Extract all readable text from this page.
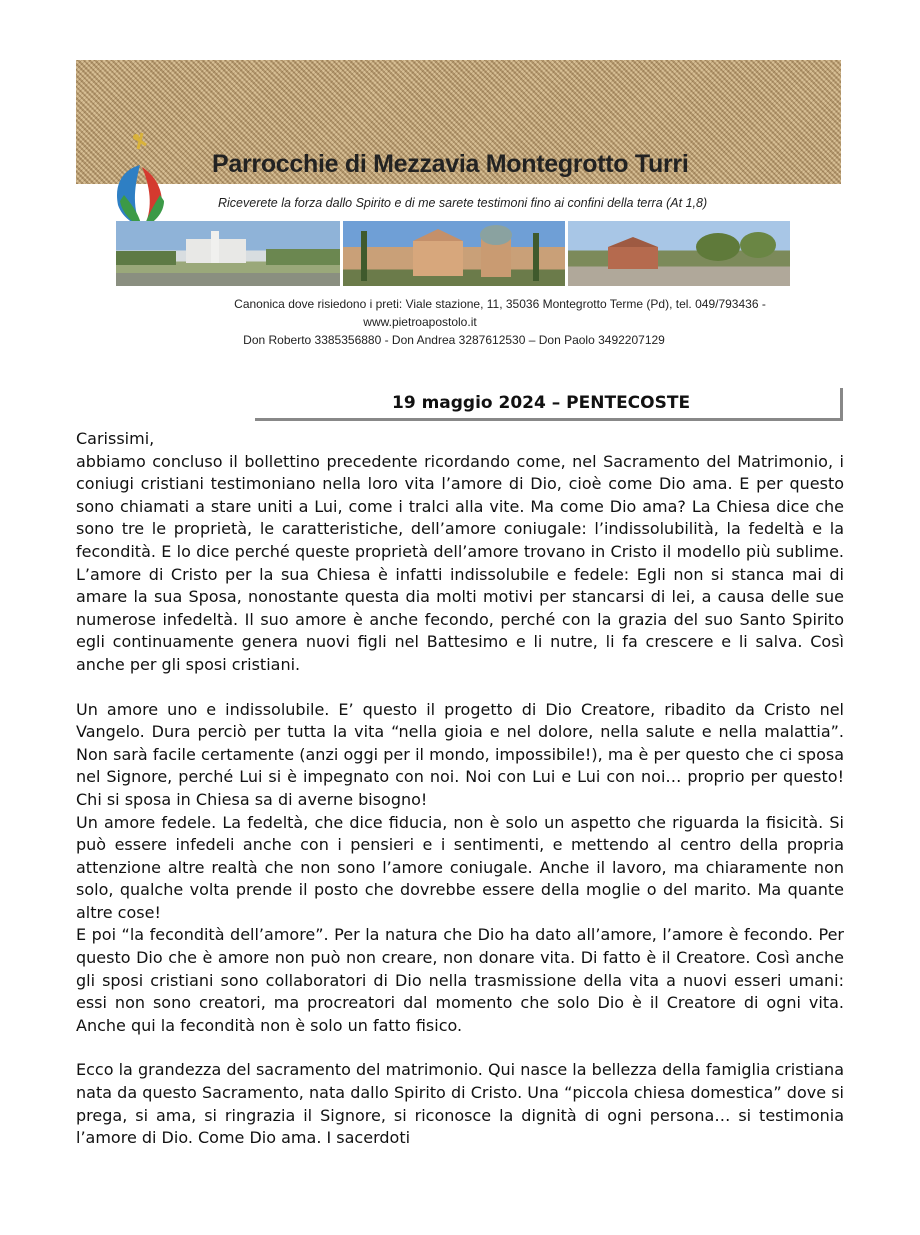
Parrocchie di Mezzavia Montegrotto Turri
Riceverete la forza dallo Spirito e di me sarete testimoni fino ai confini della terra (At 1,8)
Canonica dove risiedono i preti: Viale stazione, 11, 35036 Montegrotto Terme (Pd), tel. 049/793436 -
www.pietroapostolo.it
Don Roberto 3385356880 - Don Andrea 3287612530 – Don Paolo 3492207129
19 maggio 2024 – PENTECOSTE

Carissimi,

abbiamo concluso il bollettino precedente ricordando come, nel Sacramento del Matrimonio, i coniugi cristiani testimoniano nella loro vita l’amore di Dio, cioè come Dio ama. E per questo sono chiamati a stare uniti a Lui, come i tralci alla vite. Ma come Dio ama? La Chiesa dice che sono tre le proprietà, le caratteristiche, dell’amore coniugale: l’indissolubilità, la fedeltà e la fecondità. E lo dice perché queste proprietà dell’amore trovano in Cristo il modello più sublime. L’amore di Cristo per la sua Chiesa è infatti indissolubile e fedele: Egli non si stanca mai di amare la sua Sposa, nonostante questa dia molti motivi per stancarsi di lei, a causa delle sue numerose infedeltà. Il suo amore è anche fecondo, perché con la grazia del suo Santo Spirito egli continuamente genera nuovi figli nel Battesimo e li nutre, li fa crescere e li salva. Così anche per gli sposi cristiani.

Un amore uno e indissolubile. E’ questo il progetto di Dio Creatore, ribadito da Cristo nel Vangelo. Dura perciò per tutta la vita “nella gioia e nel dolore, nella salute e nella malattia”. Non sarà facile certamente (anzi oggi per il mondo, impossibile!), ma è per questo che ci sposa nel Signore, perché Lui si è impegnato con noi. Noi con Lui e Lui con noi… proprio per questo! Chi si sposa in Chiesa sa di averne bisogno!

Un amore fedele. La fedeltà, che dice fiducia, non è solo un aspetto che riguarda la fisicità. Si può essere infedeli anche con i pensieri e i sentimenti, e mettendo al centro della propria attenzione altre realtà che non sono l’amore coniugale. Anche il lavoro, ma chiaramente non solo, qualche volta prende il posto che dovrebbe essere della moglie o del marito. Ma quante altre cose!

E poi “la fecondità dell’amore”. Per la natura che Dio ha dato all’amore, l’amore è fecondo. Per questo Dio che è amore non può non creare, non donare vita. Di fatto è il Creatore. Così anche gli sposi cristiani sono collaboratori di Dio nella trasmissione della vita a nuovi esseri umani: essi non sono creatori, ma procreatori dal momento che solo Dio è il Creatore di ogni vita. Anche qui la fecondità non è solo un fatto fisico.

Ecco la grandezza del sacramento del matrimonio. Qui nasce la bellezza della famiglia cristiana nata da questo Sacramento, nata dallo Spirito di Cristo. Una “piccola chiesa domestica” dove si prega, si ama, si ringrazia il Signore, si riconosce la dignità di ogni persona… si testimonia l’amore di Dio. Come Dio ama. I sacerdoti
